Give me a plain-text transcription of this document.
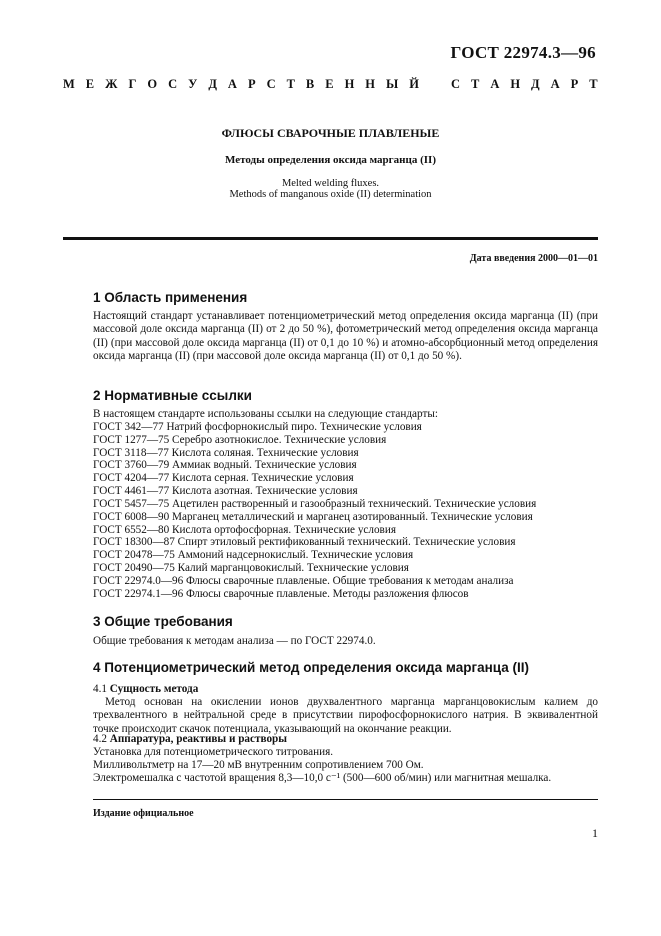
ГОСТ 22974.3—96
М Е Ж Г О С У Д А Р С Т В Е Н Н Ы Й	С Т А Н Д А Р Т
ФЛЮСЫ СВАРОЧНЫЕ ПЛАВЛЕНЫЕ
Методы определения оксида марганца (II)
Melted welding fluxes.
Methods of manganous oxide (II) determination
Дата введения 2000—01—01
1 Область применения
Настоящий стандарт устанавливает потенциометрический метод определения оксида марганца (II) (при массовой доле оксида марганца (II) от 2 до 50 %), фотометрический метод определения оксида марганца (II) (при массовой доле оксида марганца (II) от 0,1 до 10 %) и атомно-абсорбционный метод определения оксида марганца (II) (при массовой доле оксида марганца (II) от 0,1 до 50 %).
2 Нормативные ссылки
В настоящем стандарте использованы ссылки на следующие стандарты:
ГОСТ 342—77 Натрий фосфорнокислый пиро. Технические условия
ГОСТ 1277—75 Серебро азотнокислое. Технические условия
ГОСТ 3118—77 Кислота соляная. Технические условия
ГОСТ 3760—79 Аммиак водный. Технические условия
ГОСТ 4204—77 Кислота серная. Технические условия
ГОСТ 4461—77 Кислота азотная. Технические условия
ГОСТ 5457—75 Ацетилен растворенный и газообразный технический. Технические условия
ГОСТ 6008—90 Марганец металлический и марганец азотированный. Технические условия
ГОСТ 6552—80 Кислота ортофосфорная. Технические условия
ГОСТ 18300—87 Спирт этиловый ректификованный технический. Технические условия
ГОСТ 20478—75 Аммоний надсернокислый. Технические условия
ГОСТ 20490—75 Калий марганцовокислый. Технические условия
ГОСТ 22974.0—96 Флюсы сварочные плавленые. Общие требования к методам анализа
ГОСТ 22974.1—96 Флюсы сварочные плавленые. Методы разложения флюсов
3 Общие требования
Общие требования к методам анализа — по ГОСТ 22974.0.
4 Потенциометрический метод определения оксида марганца (II)
4.1 Сущность метода
Метод основан на окислении ионов двухвалентного марганца марганцовокислым калием до трехвалентного в нейтральной среде в присутствии пирофосфорнокислого натрия. В эквивалентной точке происходит скачок потенциала, указывающий на окончание реакции.
4.2 Аппаратура, реактивы и растворы
Установка для потенциометрического титрования.
Милливольтметр на 17—20 мВ внутренним сопротивлением 700 Ом.
Электромешалка с частотой вращения 8,3—10,0 с⁻¹ (500—600 об/мин) или магнитная мешалка.
Издание официальное
1
